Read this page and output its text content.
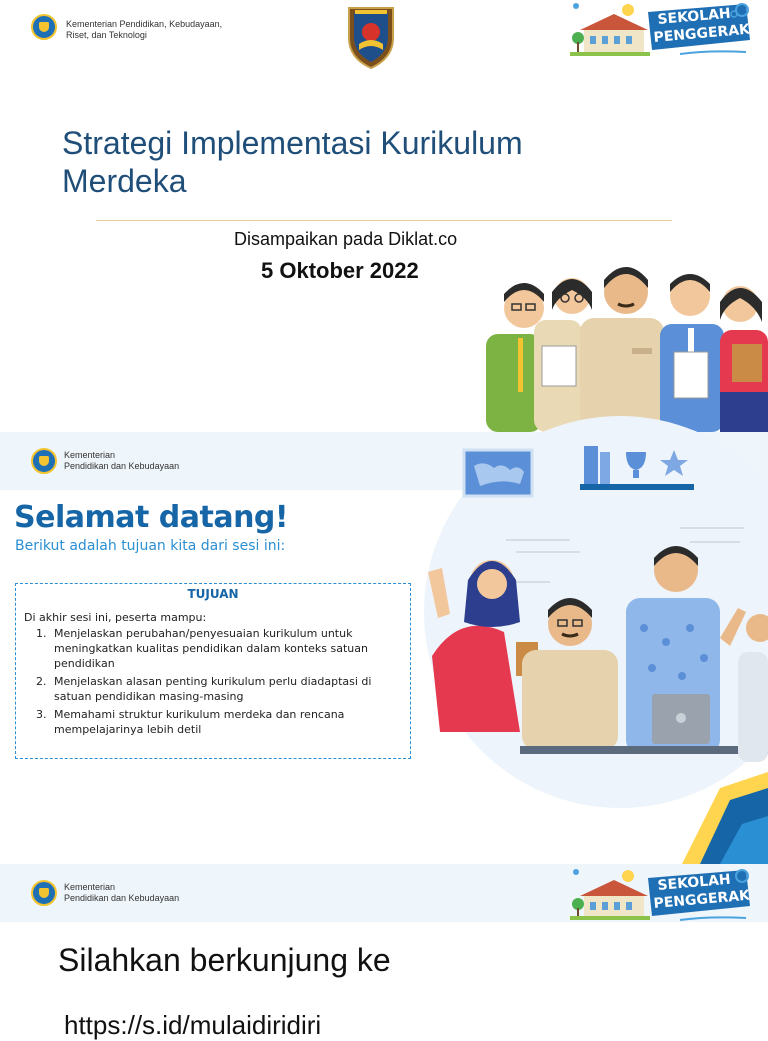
Kementerian Pendidikan, Kebudayaan,
Riset, dan Teknologi
SEKOLAH
PENGGERAK
Strategi Implementasi Kurikulum
Merdeka
Disampaikan pada Diklat.co
5 Oktober 2022
Kementerian
Pendidikan dan Kebudayaan
Selamat datang!
Berikut adalah tujuan kita dari sesi ini:
TUJUAN
Di akhir sesi ini, peserta mampu:
1. Menjelaskan perubahan/penyesuaian kurikulum untuk meningkatkan kualitas pendidikan dalam konteks satuan pendidikan
2. Menjelaskan alasan penting kurikulum perlu diadaptasi di satuan pendidikan masing-masing
3. Memahami struktur kurikulum merdeka dan rencana mempelajarinya lebih detil
Kementerian
Pendidikan dan Kebudayaan
SEKOLAH
PENGGERAK
Silahkan berkunjung ke
https://s.id/mulaidiridiri
